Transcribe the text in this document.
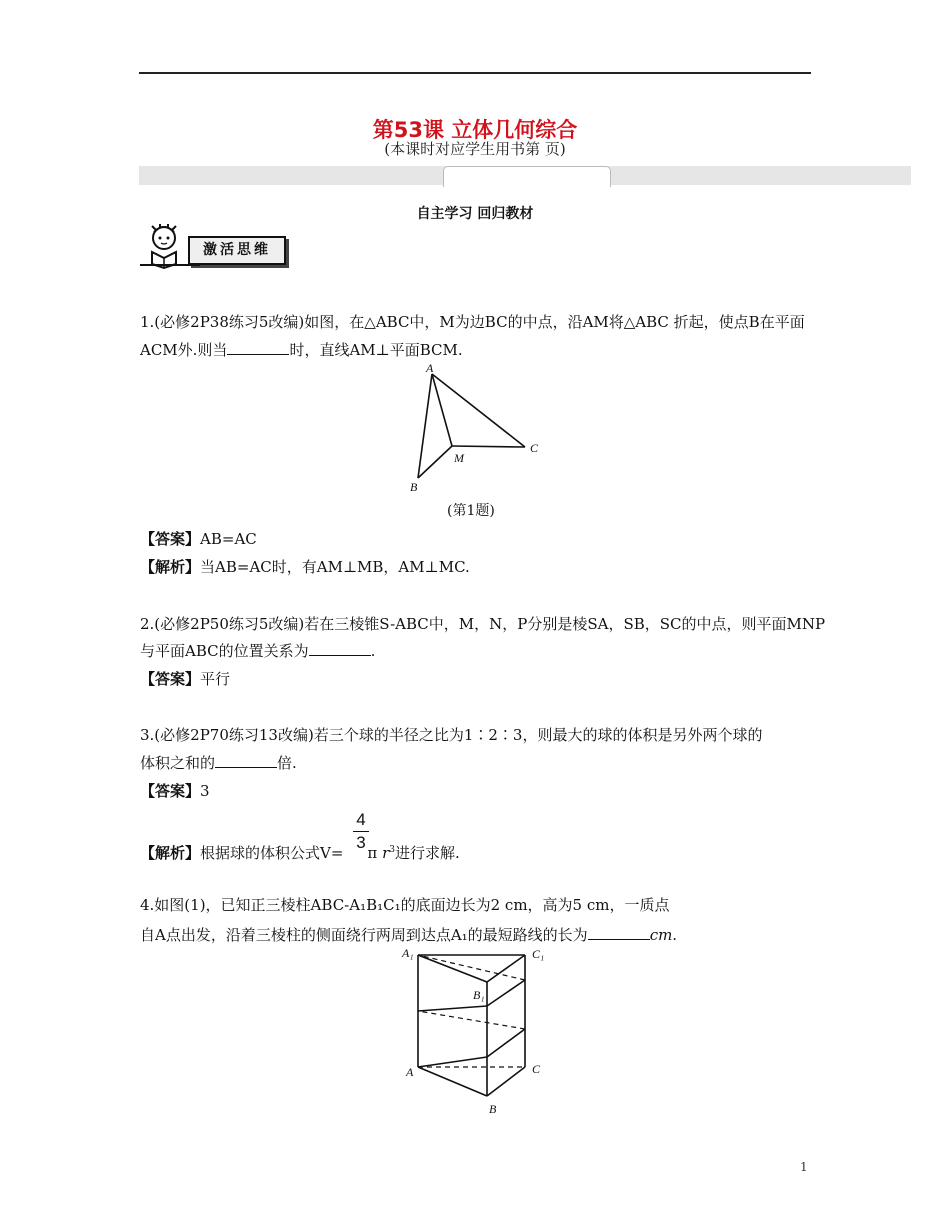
第53课 立体几何综合
(本课时对应学生用书第 页)
自主学习 回归教材
激活思维
1.(必修2P38练习5改编)如图，在△ABC中，M为边BC的中点，沿AM将△ABC 折起，使点B在平面
ACM外.则当	时，直线AM⊥平面BCM.
A
B
C
M
(第1题)
【答案】AB=AC
【解析】当AB=AC时，有AM⊥MB，AM⊥MC.
2.(必修2P50练习5改编)若在三棱锥S-ABC中，M，N，P分别是棱SA，SB，SC的中点，则平面MNP
与平面ABC的位置关系为	.
【答案】平行
3.(必修2P70练习13改编)若三个球的半径之比为1∶2∶3，则最大的球的体积是另外两个球的
体积之和的	倍.
【答案】3
4
3
【解析】根据球的体积公式V= π $r^3$进行求解.
4.如图(1)，已知正三棱柱ABC-A₁B₁C₁的底面边长为2 cm，高为5 cm，一质点
自A点出发，沿着三棱柱的侧面绕行两周到达点A₁的最短路线的长为	cm.
A₁	C₁
B₁
A	C
B
1
